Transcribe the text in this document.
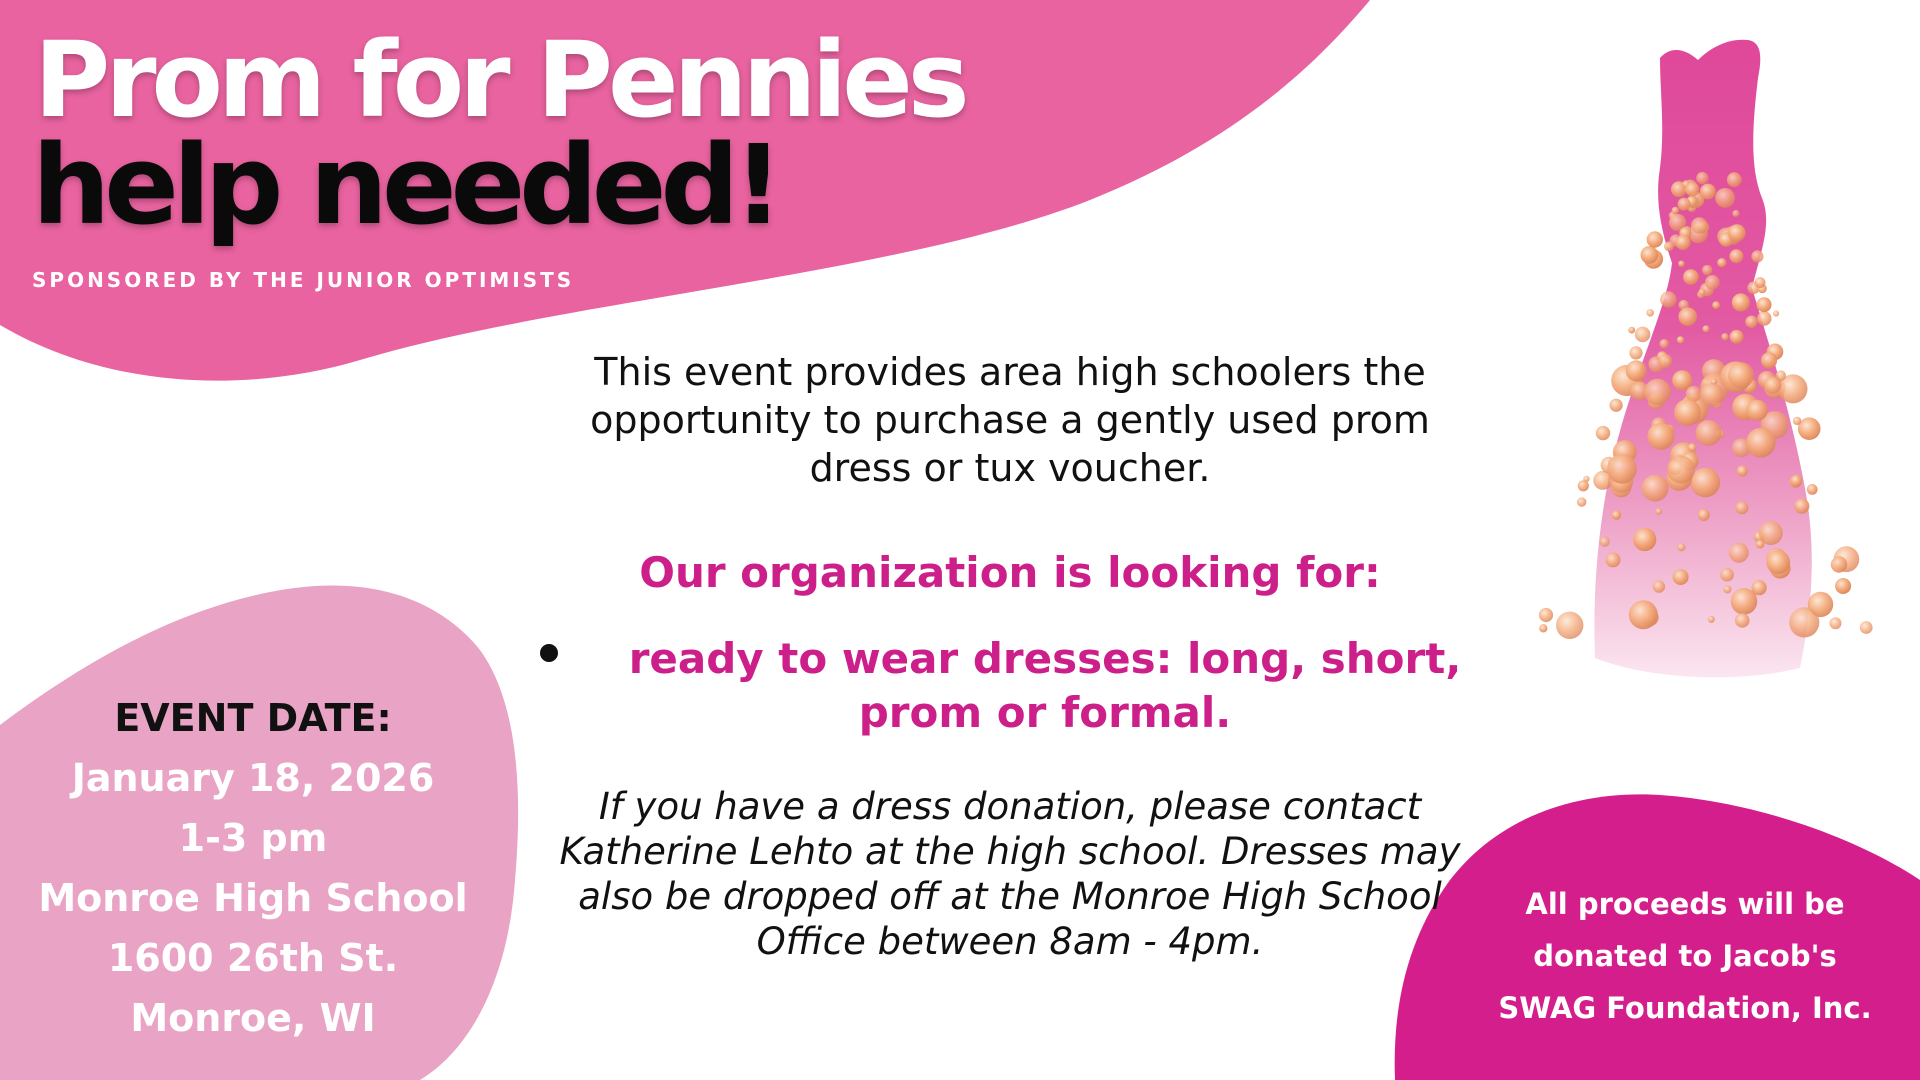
Prom for Pennies
help needed!
SPONSORED BY THE JUNIOR OPTIMISTS
This event provides area high schoolers the opportunity to purchase a gently used prom dress or tux voucher.
Our organization is looking for:
ready to wear dresses: long, short, prom or formal.
If you have a dress donation, please contact Katherine Lehto at the high school. Dresses may also be dropped off at the Monroe High School Office between 8am - 4pm.
EVENT DATE:
January 18, 2026
1-3 pm
Monroe High School
1600 26th St.
Monroe, WI
All proceeds will be
donated to Jacob's
SWAG Foundation, Inc.
